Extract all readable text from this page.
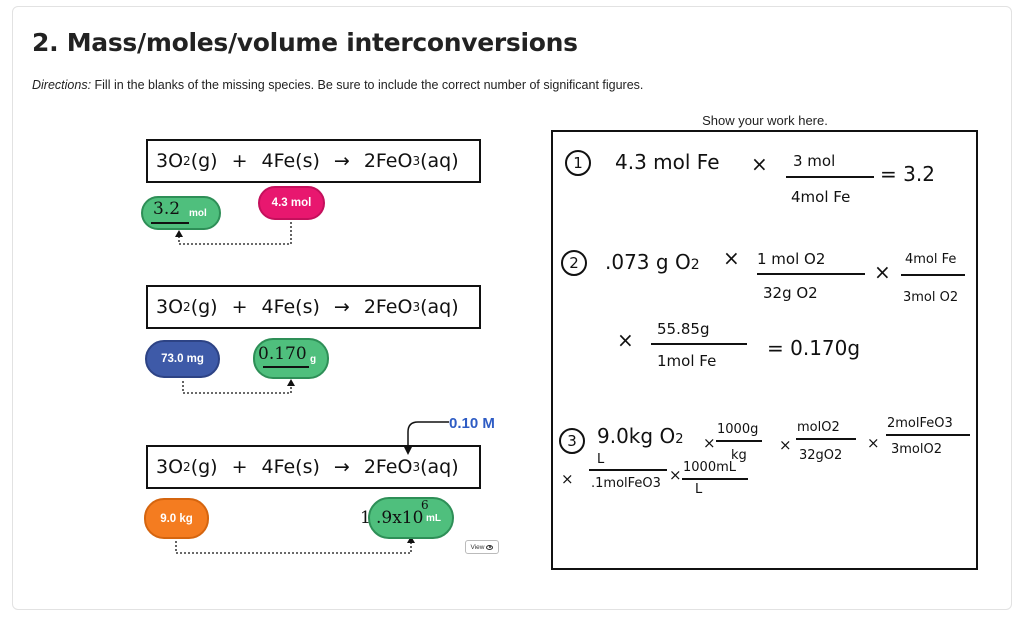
2. Mass/moles/volume interconversions
Directions: Fill in the blanks of the missing species. Be sure to include the correct number of significant figures.
3O 2 (g) + 4Fe (s) → 2FeO 3 (aq)
3O 2 (g) + 4Fe (s) → 2FeO 3 (aq)
3O 2 (g) + 4Fe (s) → 2FeO 3 (aq)
0.10 M
3.2 mol
4.3 mol
73.0 mg	0.170 g
9.0 kg	1 .9x10
6
mL
View
Show your work here.
1	4.3 mol Fe × 3 mol
4mol Fe
= 3.2
2	.073 g O2 × 1 mol O2
32g O2
×
4mol Fe
3mol O2
× 55.85g
1mol Fe
= 0.170g
3	9.0kg O2 ×
1000g
kg
×
molO2
32gO2
×
2molFeO3
3molO2
×
L
.1molFeO3 × 1000mL
L
